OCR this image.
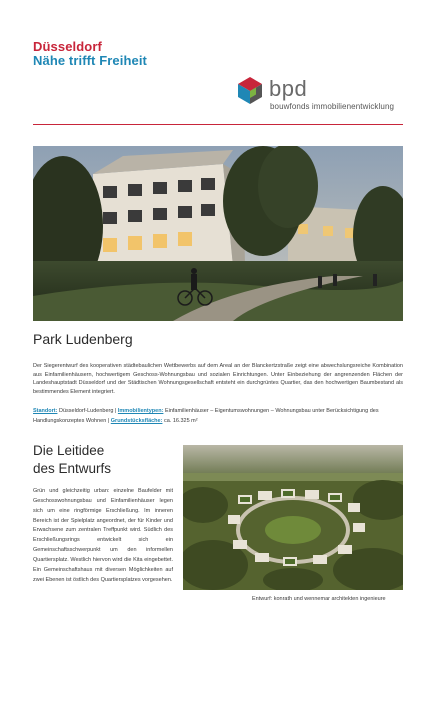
Düsseldorf
Nähe trifft Freiheit
bpd
bouwfonds immobilienentwicklung
Park Ludenberg

Der Siegerentwurf des kooperativen städtebaulichen Wettbewerbs auf dem Areal an der Blanckertzstraße zeigt eine abwechslungsreiche Kombination aus Einfamilienhäusern, hochwertigem Geschoss-Wohnungsbau und sozialen Einrichtungen. Unter Einbeziehung der angrenzenden Flächen der Landeshauptstadt Düsseldorf und der Städtischen Wohnungsgesellschaft entsteht ein durchgrüntes Quartier, das den hochwertigen Baumbestand als bestimmendes Element integriert.

Standort: Düsseldorf-Ludenberg | Immobilientypen: Einfamilienhäuser – Eigentumswohnungen – Wohnungsbau unter Berücksichtigung des Handlungskonzeptes Wohnen | Grundstücksfläche: ca. 16.325 m²

Die Leitidee
des Entwurfs

Grün und gleichzeitig urban: einzelne Baufelder mit Geschosswohnungsbau und Einfamilienhäuser legen sich um eine ringförmige Erschließung. Im inneren Bereich ist der Spielplatz angeordnet, der für Kinder und Erwachsene zum zentralen Treffpunkt wird. Südlich des Erschließungsrings entwickelt sich ein Gemeinschaftsschwerpunkt um den informellen Quartiersplatz. Westlich hiervon wird die Kita eingebettet. Ein Gemeinschaftshaus mit diversen Möglichkeiten auf zwei Ebenen ist östlich des Quartiersplatzes vorgesehen.

Entwurf: konrath und wennemar architekten ingenieure
